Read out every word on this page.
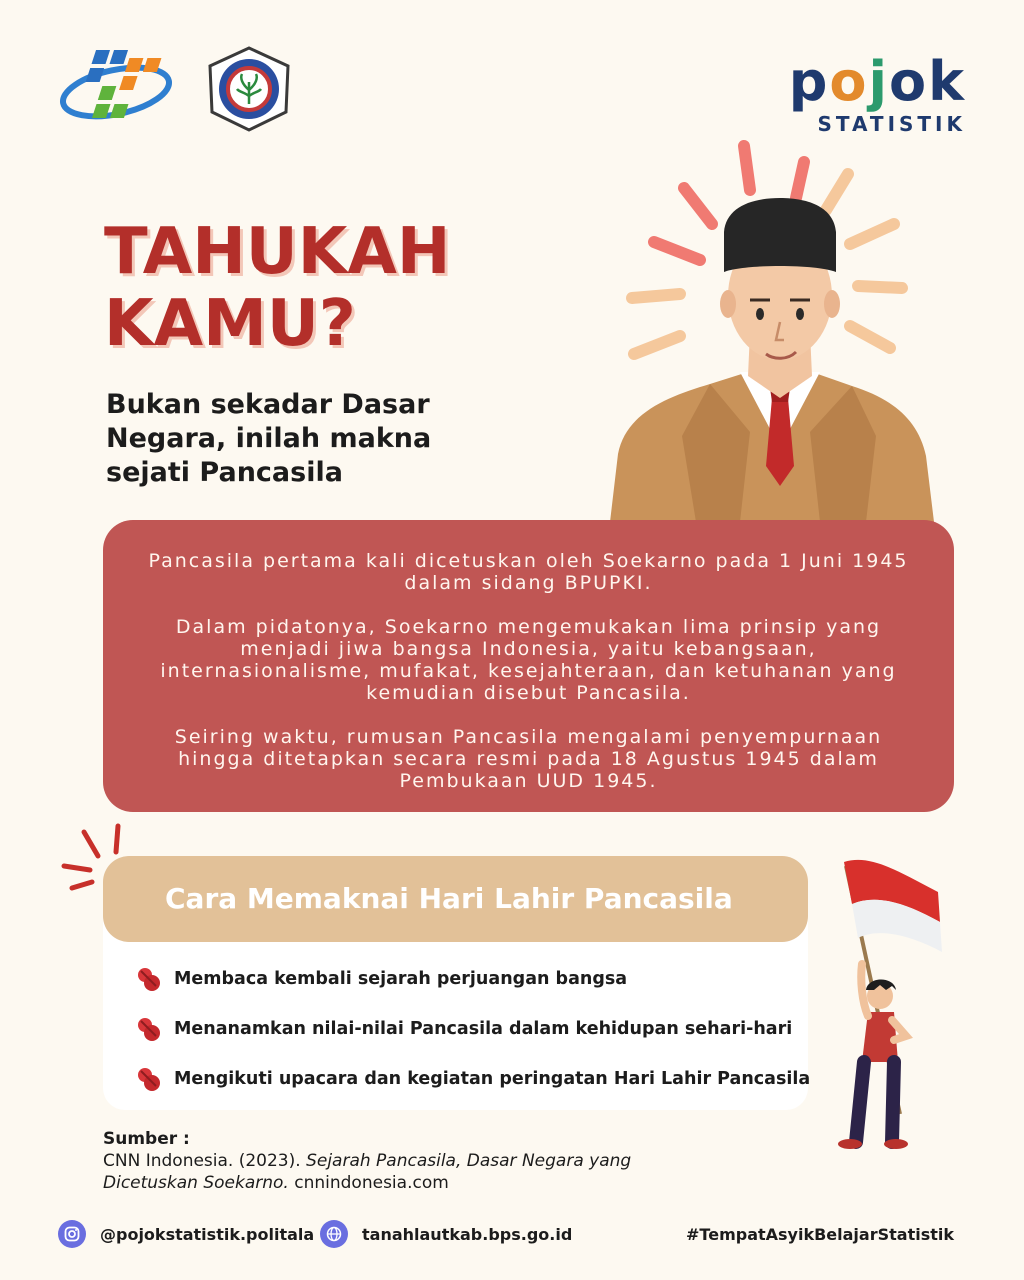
pojok
STATISTIK
TAHUKAH
KAMU?

Bukan sekadar Dasar Negara, inilah makna sejati Pancasila

Pancasila pertama kali dicetuskan oleh Soekarno pada 1 Juni 1945 dalam sidang BPUPKI.

Dalam pidatonya, Soekarno mengemukakan lima prinsip yang menjadi jiwa bangsa Indonesia, yaitu kebangsaan, internasionalisme, mufakat, kesejahteraan, dan ketuhanan yang kemudian disebut Pancasila.

Seiring waktu, rumusan Pancasila mengalami penyempurnaan hingga ditetapkan secara resmi pada 18 Agustus 1945 dalam Pembukaan UUD 1945.

Cara Memaknai Hari Lahir Pancasila
Membaca kembali sejarah perjuangan bangsa
Menanamkan nilai-nilai Pancasila dalam kehidupan sehari-hari
Mengikuti upacara dan kegiatan peringatan Hari Lahir Pancasila
Sumber :
CNN Indonesia. (2023). Sejarah Pancasila, Dasar Negara yang Dicetuskan Soekarno. cnnindonesia.com
@pojokstatistik.politala	tanahlautkab.bps.go.id	#TempatAsyikBelajarStatistik
